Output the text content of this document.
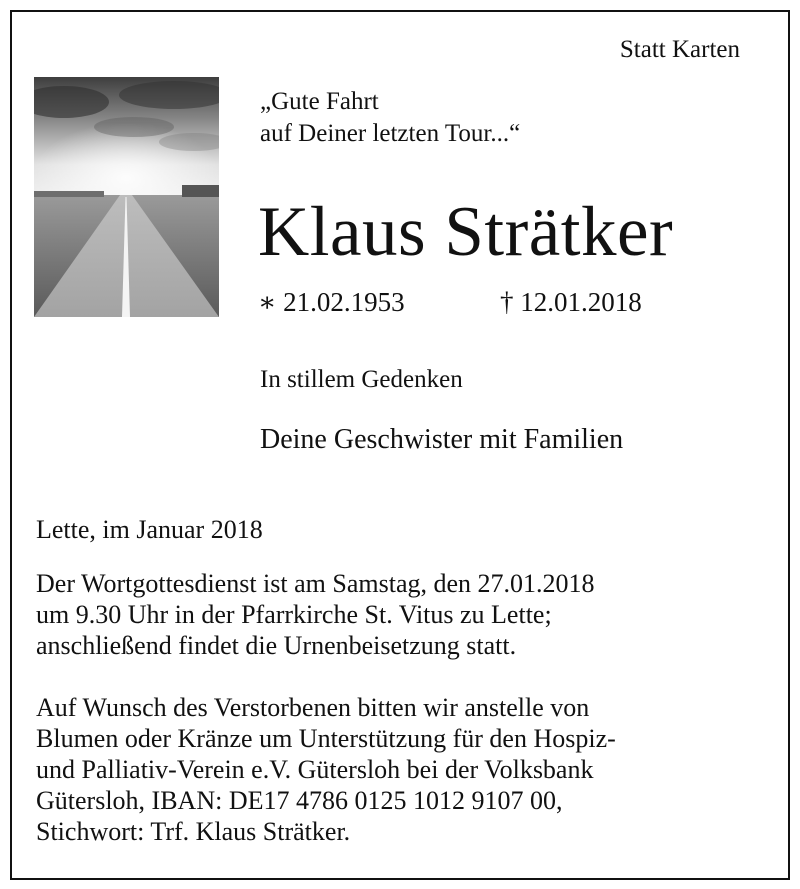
Statt Karten
„Gute Fahrt
auf Deiner letzten Tour...“
Klaus Strätker
∗ 21.02.1953	† 12.01.2018
In stillem Gedenken
Deine Geschwister mit Familien
Lette, im Januar 2018
Der Wortgottesdienst ist am Samstag, den 27.01.2018
um 9.30 Uhr in der Pfarrkirche St. Vitus zu Lette;
anschließend findet die Urnenbeisetzung statt.
Auf Wunsch des Verstorbenen bitten wir anstelle von
Blumen oder Kränze um Unterstützung für den Hospiz-
und Palliativ-Verein e.V. Gütersloh bei der Volksbank
Gütersloh, IBAN: DE17 4786 0125 1012 9107 00,
Stichwort: Trf. Klaus Strätker.
